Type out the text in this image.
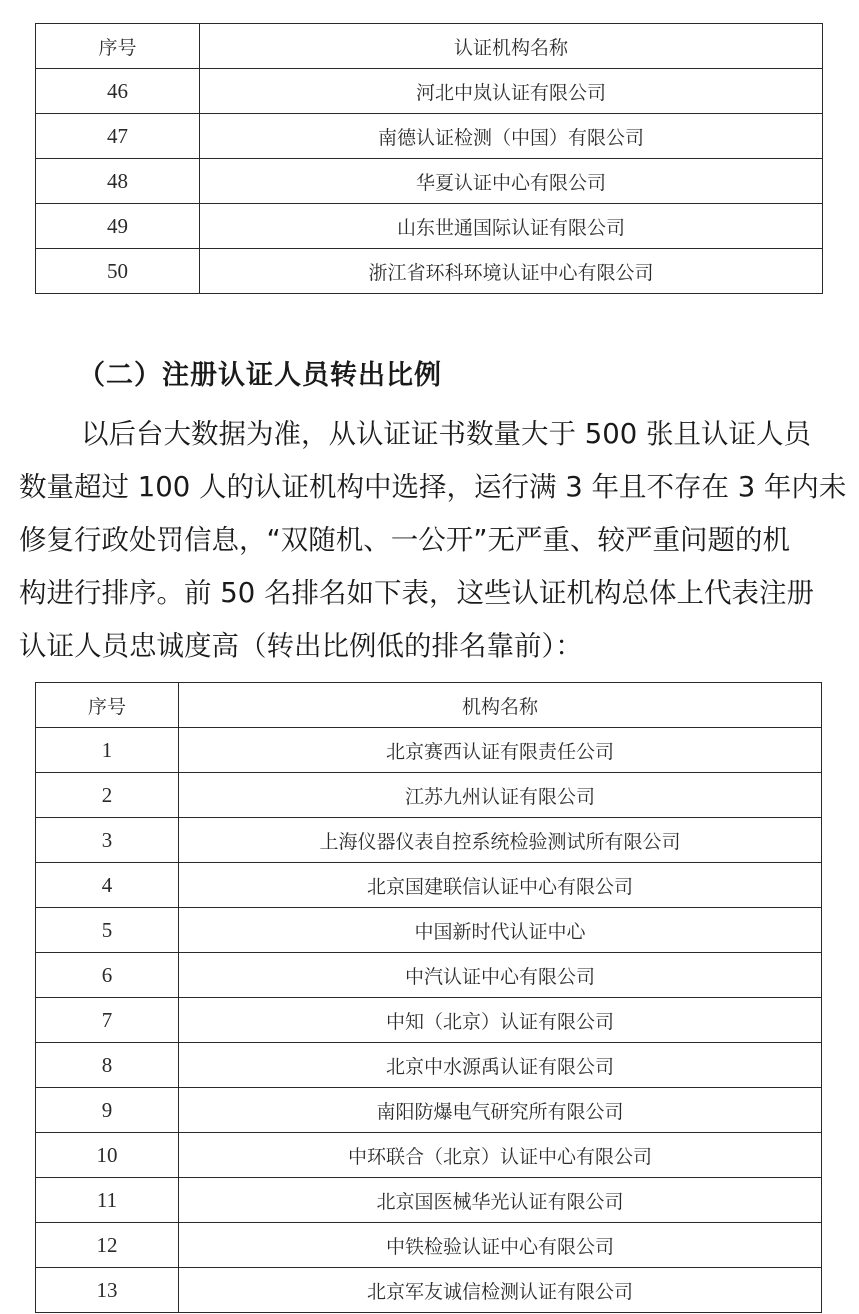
序号	认证机构名称
46	河北中岚认证有限公司
47	南德认证检测（中国）有限公司
48	华夏认证中心有限公司
49	山东世通国际认证有限公司
50	浙江省环科环境认证中心有限公司
（二）注册认证人员转出比例
以后台大数据为准，从认证证书数量大于 500 张且认证人员
数量超过 100 人的认证机构中选择，运行满 3 年且不存在 3 年内未
修复行政处罚信息，“双随机、一公开”无严重、较严重问题的机
构进行排序。前 50 名排名如下表，这些认证机构总体上代表注册
认证人员忠诚度高（转出比例低的排名靠前）：
序号	机构名称
1	北京赛西认证有限责任公司
2	江苏九州认证有限公司
3	上海仪器仪表自控系统检验测试所有限公司
4	北京国建联信认证中心有限公司
5	中国新时代认证中心
6	中汽认证中心有限公司
7	中知（北京）认证有限公司
8	北京中水源禹认证有限公司
9	南阳防爆电气研究所有限公司
10	中环联合（北京）认证中心有限公司
11	北京国医械华光认证有限公司
12	中铁检验认证中心有限公司
13	北京军友诚信检测认证有限公司
